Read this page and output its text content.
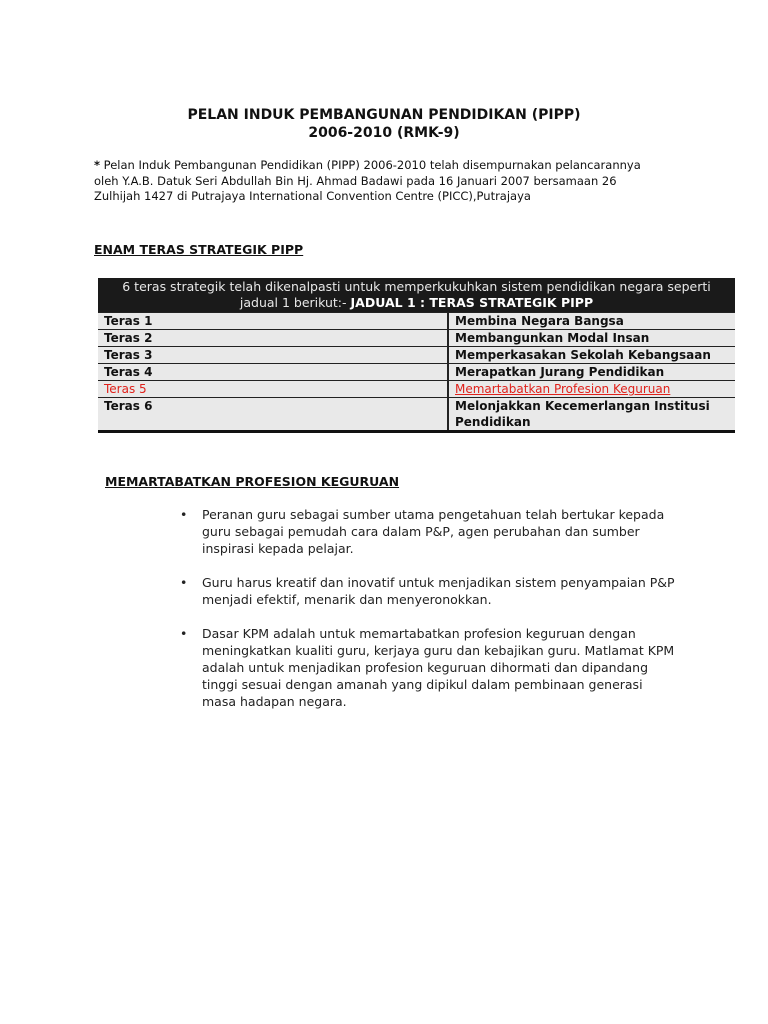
PELAN INDUK PEMBANGUNAN PENDIDIKAN (PIPP)
2006-2010 (RMK-9)
* Pelan Induk Pembangunan Pendidikan (PIPP) 2006-2010 telah disempurnakan pelancarannya
oleh Y.A.B. Datuk Seri Abdullah Bin Hj. Ahmad Badawi pada 16 Januari 2007 bersamaan 26
Zulhijah 1427 di Putrajaya International Convention Centre (PICC),Putrajaya
ENAM TERAS STRATEGIK PIPP
6 teras strategik telah dikenalpasti untuk memperkukuhkan sistem pendidikan negara seperti jadual 1 berikut:- JADUAL 1 : TERAS STRATEGIK PIPP
Teras 1	Membina Negara Bangsa
Teras 2	Membangunkan Modal Insan
Teras 3	Memperkasakan Sekolah Kebangsaan
Teras 4	Merapatkan Jurang Pendidikan
Teras 5	Memartabatkan Profesion Keguruan
Teras 6	Melonjakkan Kecemerlangan Institusi Pendidikan
MEMARTABATKAN PROFESION KEGURUAN
• Peranan guru sebagai sumber utama pengetahuan telah bertukar kepada guru sebagai pemudah cara dalam P&P, agen perubahan dan sumber inspirasi kepada pelajar.
• Guru harus kreatif dan inovatif untuk menjadikan sistem penyampaian P&P menjadi efektif, menarik dan menyeronokkan.
• Dasar KPM adalah untuk memartabatkan profesion keguruan dengan meningkatkan kualiti guru, kerjaya guru dan kebajikan guru. Matlamat KPM adalah untuk menjadikan profesion keguruan dihormati dan dipandang tinggi sesuai dengan amanah yang dipikul dalam pembinaan generasi masa hadapan negara.
